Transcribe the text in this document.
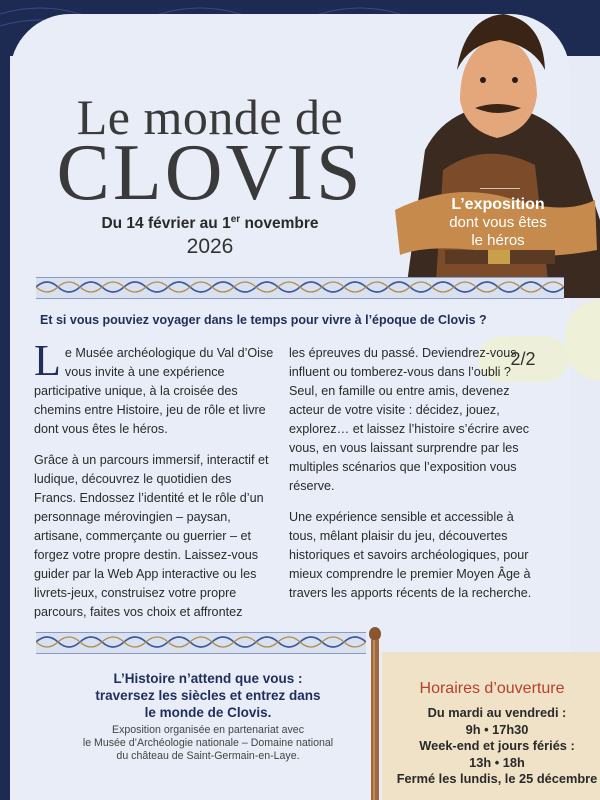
L’exposition
dont vous êtes
le héros
Le monde de
CLOVIS
Du 14 février au 1er novembre
2026
Et si vous pouviez voyager dans le temps pour vivre à l’époque de Clovis ?
2/2

Le Musée archéologique du Val d’Oise vous invite à une expérience participative unique, à la croisée des chemins entre Histoire, jeu de rôle et livre dont vous êtes le héros.

Grâce à un parcours immersif, interactif et ludique, découvrez le quotidien des Francs. Endossez l’identité et le rôle d’un personnage mérovingien – paysan, artisane, commerçante ou guerrier – et forgez votre propre destin. Laissez-vous guider par la Web App interactive ou les livrets-jeux, construisez votre propre parcours, faites vos choix et affrontez

les épreuves du passé. Deviendrez-vous influent ou tomberez-vous dans l’oubli ? Seul, en famille ou entre amis, devenez acteur de votre visite : décidez, jouez, explorez… et laissez l’histoire s’écrire avec vous, en vous laissant surprendre par les multiples scénarios que l’exposition vous réserve.

Une expérience sensible et accessible à tous, mêlant plaisir du jeu, découvertes historiques et savoirs archéologiques, pour mieux comprendre le premier Moyen Âge à travers les apports récents de la recherche.

L’Histoire n’attend que vous :
traversez les siècles et entrez dans
le monde de Clovis.
Exposition organisée en partenariat avec
le Musée d’Archéologie nationale – Domaine national
du château de Saint-Germain-en-Laye.
Horaires d’ouverture
Du mardi au vendredi :
9h • 17h30
Week-end et jours fériés :
13h • 18h
Fermé les lundis, le 25 décembre
